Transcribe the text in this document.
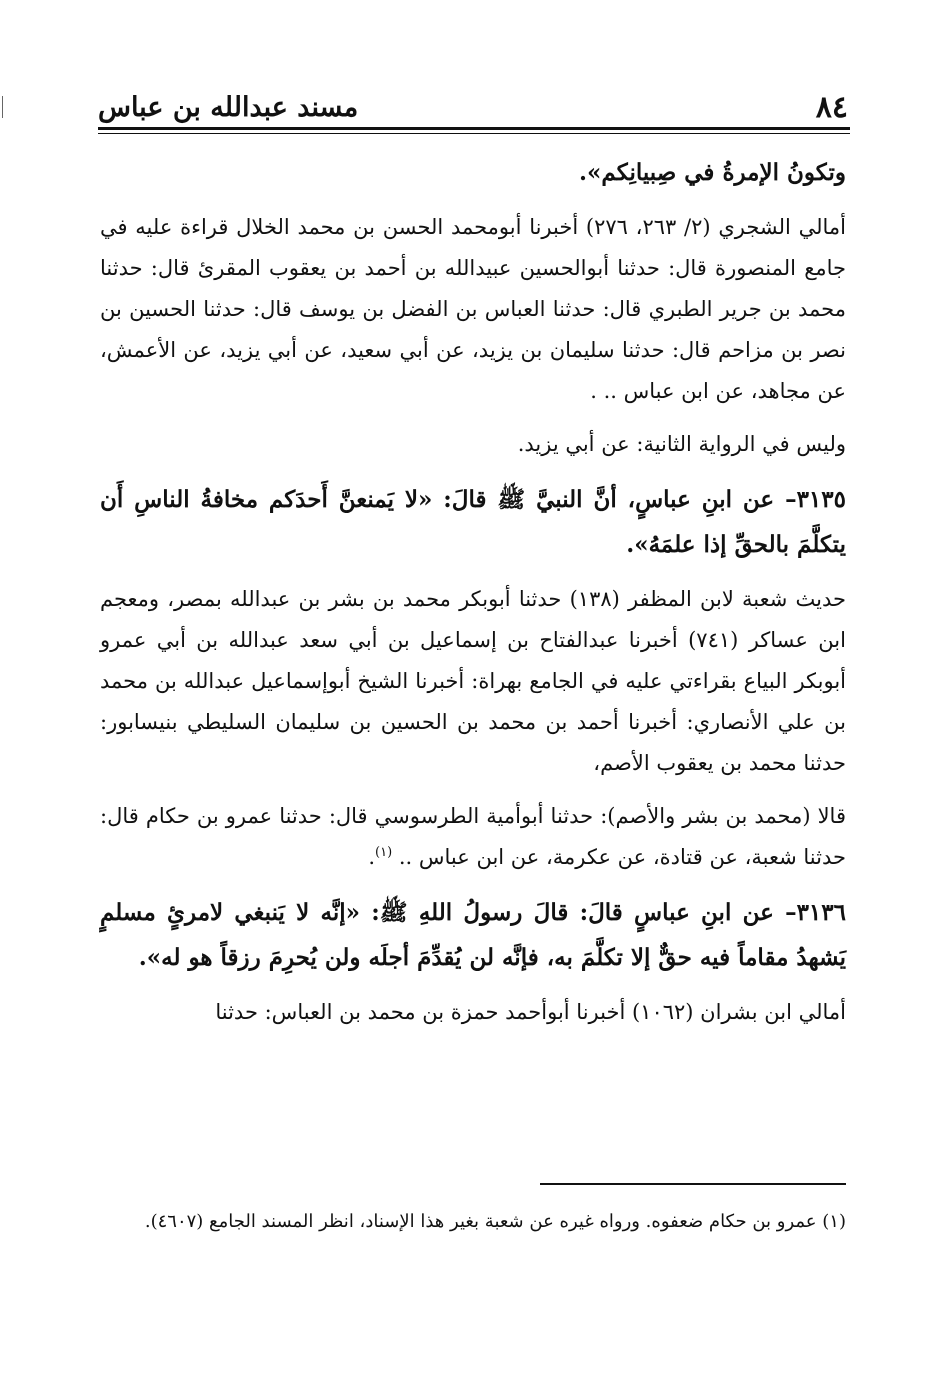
٨٤
مسند عبدالله بن عباس

وتكونُ الإمرةُ في صِبيانِكم».

أمالي الشجري (٢/ ٢٦٣، ٢٧٦) أخبرنا أبومحمد الحسن بن محمد الخلال قراءة عليه في جامع المنصورة قال: حدثنا أبوالحسين عبيدالله بن أحمد بن يعقوب المقرئ قال: حدثنا محمد بن جرير الطبري قال: حدثنا العباس بن الفضل بن يوسف قال: حدثنا الحسين بن نصر بن مزاحم قال: حدثنا سليمان بن يزيد، عن أبي سعيد، عن أبي يزيد، عن الأعمش، عن مجاهد، عن ابن عباس .. .

وليس في الرواية الثانية: عن أبي يزيد.

٣١٣٥– عن ابنِ عباسٍ، أنَّ النبيَّ ﷺ قالَ: «لا يَمنعنَّ أَحدَكم مخافةُ الناسِ أَن يتكلَّمَ بالحقِّ إذا علمَهُ».

حديث شعبة لابن المظفر (١٣٨) حدثنا أبوبكر محمد بن بشر بن عبدالله بمصر، ومعجم ابن عساكر (٧٤١) أخبرنا عبدالفتاح بن إسماعيل بن أبي سعد عبدالله بن أبي عمرو أبوبكر البياع بقراءتي عليه في الجامع بهراة: أخبرنا الشيخ أبوإسماعيل عبدالله بن محمد بن علي الأنصاري: أخبرنا أحمد بن محمد بن الحسين بن سليمان السليطي بنيسابور: حدثنا محمد بن يعقوب الأصم،

قالا (محمد بن بشر والأصم): حدثنا أبوأمية الطرسوسي قال: حدثنا عمرو بن حكام قال: حدثنا شعبة، عن قتادة، عن عكرمة، عن ابن عباس .. $^{(١)}$.

٣١٣٦– عن ابنِ عباسٍ قالَ: قالَ رسولُ اللهِ ﷺ: «إنَّه لا يَنبغي لامرئٍ مسلمٍ يَشهدُ مقاماً فيه حقٌّ إلا تكلَّمَ به، فإنَّه لن يُقدِّمَ أجلَه ولن يُحرِمَ رزقاً هو له».

أمالي ابن بشران (١٠٦٢) أخبرنا أبوأحمد حمزة بن محمد بن العباس: حدثنا

(١) عمرو بن حكام ضعفوه. ورواه غيره عن شعبة بغير هذا الإسناد، انظر المسند الجامع (٤٦٠٧).
